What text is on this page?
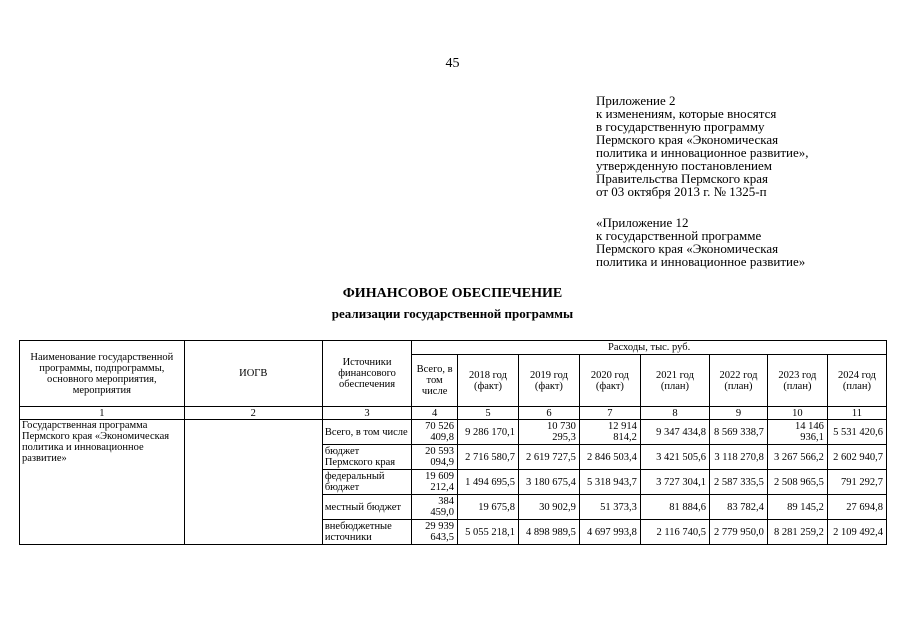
45
Приложение 2
к изменениям, которые вносятся
в государственную программу
Пермского края «Экономическая
политика и инновационное развитие»,
утвержденную постановлением
Правительства Пермского края
от 03 октября 2013 г. № 1325-п
«Приложение 12
к государственной программе
Пермского края «Экономическая
политика и инновационное развитие»
ФИНАНСОВОЕ ОБЕСПЕЧЕНИЕ
реализации государственной программы
Наименование государственной программы, подпрограммы, основного мероприятия, мероприятия	ИОГВ	Источники финансового обеспечения	Расходы, тыс. руб.							
			Всего, в том числе	2018 год (факт)	2019 год (факт)	2020 год (факт)	2021 год (план)	2022 год (план)	2023 год (план)	2024 год (план)
1	2	3	4	5	6	7	8	9	10	11
Государственная программа Пермского края «Экономическая политика и инновационное развитие»		Всего, в том числе	70 526 409,8	9 286 170,1	10 730 295,3	12 914 814,2	9 347 434,8	8 569 338,7	14 146 936,1	5 531 420,6
		бюджет Пермского края	20 593 094,9	2 716 580,7	2 619 727,5	2 846 503,4	3 421 505,6	3 118 270,8	3 267 566,2	2 602 940,7
		федеральный бюджет	19 609 212,4	1 494 695,5	3 180 675,4	5 318 943,7	3 727 304,1	2 587 335,5	2 508 965,5	791 292,7
		местный бюджет	384 459,0	19 675,8	30 902,9	51 373,3	81 884,6	83 782,4	89 145,2	27 694,8
		внебюджетные источники	29 939 643,5	5 055 218,1	4 898 989,5	4 697 993,8	2 116 740,5	2 779 950,0	8 281 259,2	2 109 492,4
